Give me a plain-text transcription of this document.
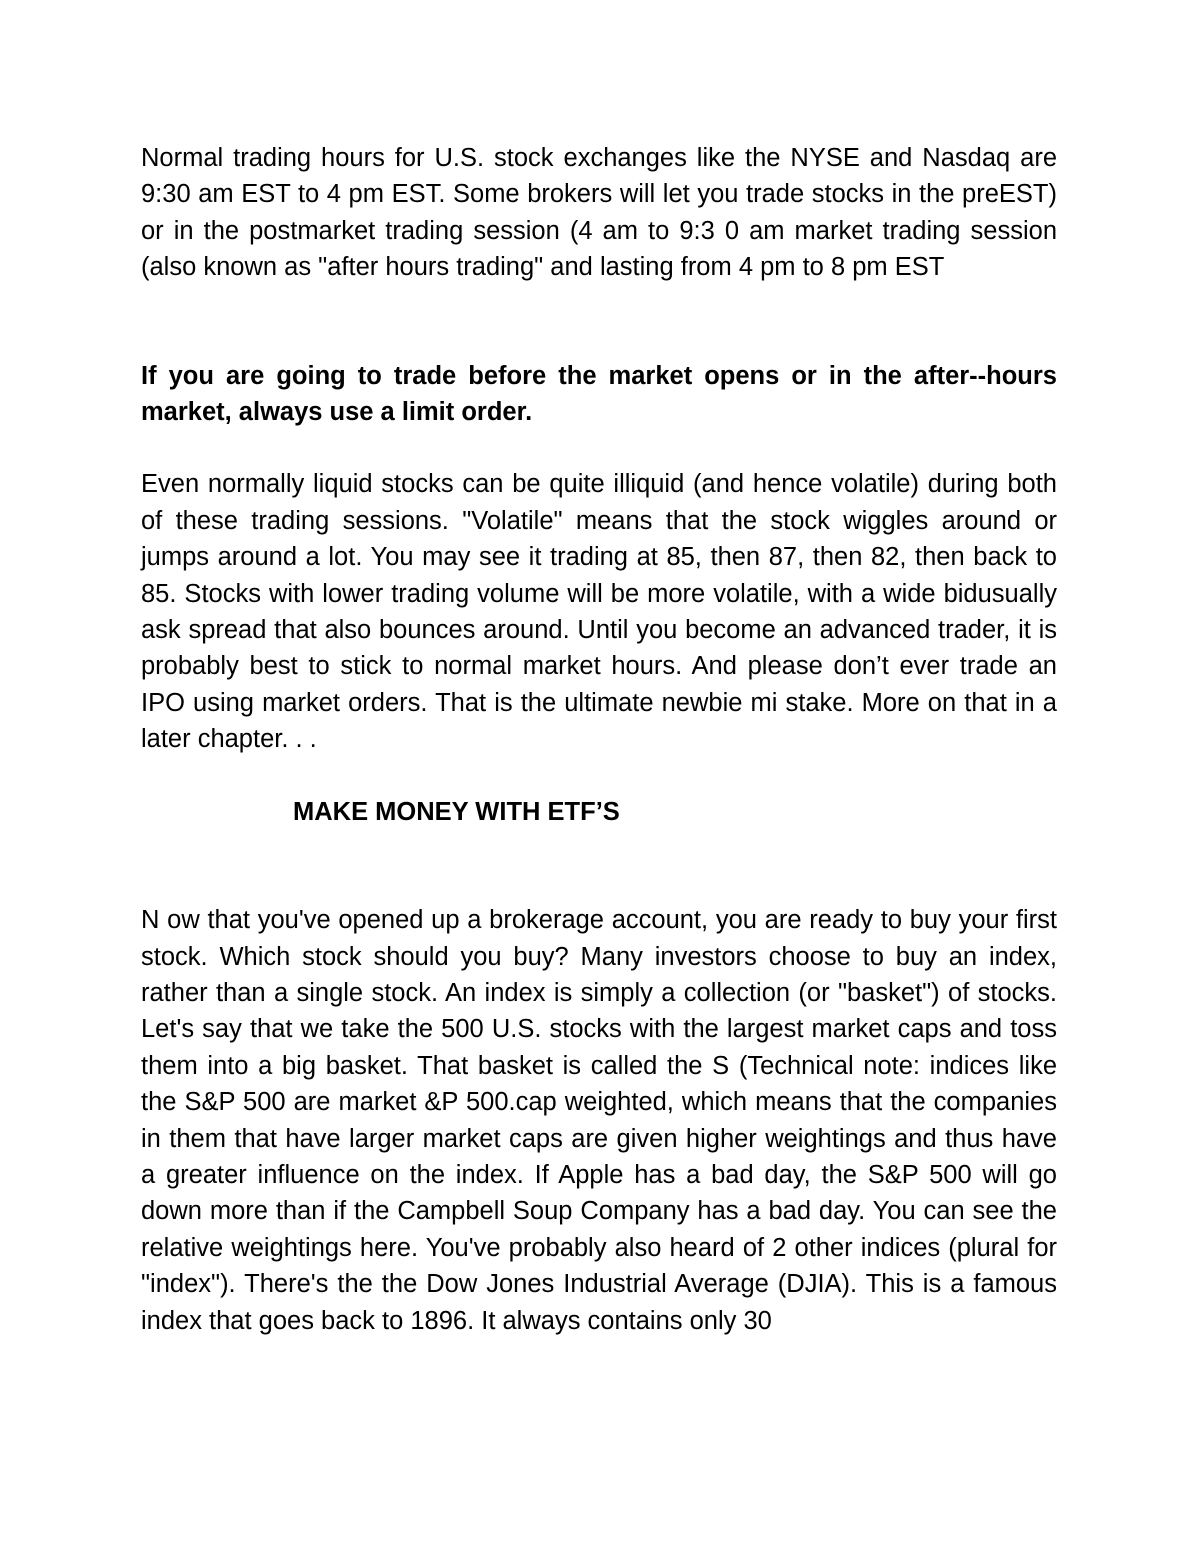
Normal trading hours for U.S. stock exchanges like the NYSE and Nasdaq are 9:30 am EST to 4 pm EST. Some brokers will let you trade stocks in the preEST) or in the postmarket trading session (4 am to 9:3 0 am market trading session (also known as "after hours trading" and lasting from 4 pm to 8 pm EST

If you are going to trade before the market opens or in the after--hours market, always use a limit order.

Even normally liquid stocks can be quite illiquid (and hence volatile) during both of these trading sessions. "Volatile" means that the stock wiggles around or jumps around a lot. You may see it trading at 85, then 87, then 82, then back to 85. Stocks with lower trading volume will be more volatile, with a wide bidusually ask spread that also bounces around. Until you become an advanced trader, it is probably best to stick to normal market hours. And please don’t ever trade an IPO using market orders. That is the ultimate newbie mi stake. More on that in a later chapter. . .

MAKE MONEY WITH ETF’S

N ow that you've opened up a brokerage account, you are ready to buy your first stock. Which stock should you buy? Many investors choose to buy an index, rather than a single stock. An index is simply a collection (or "basket") of stocks. Let's say that we take the 500 U.S. stocks with the largest market caps and toss them into a big basket. That basket is called the S (Technical note: indices like the S&P 500 are market &P 500.cap weighted, which means that the companies in them that have larger market caps are given higher weightings and thus have a greater influence on the index. If Apple has a bad day, the S&P 500 will go down more than if the Campbell Soup Company has a bad day. You can see the relative weightings here. You've probably also heard of 2 other indices (plural for "index"). There's the the Dow Jones Industrial Average (DJIA). This is a famous index that goes back to 1896. It always contains only 30
